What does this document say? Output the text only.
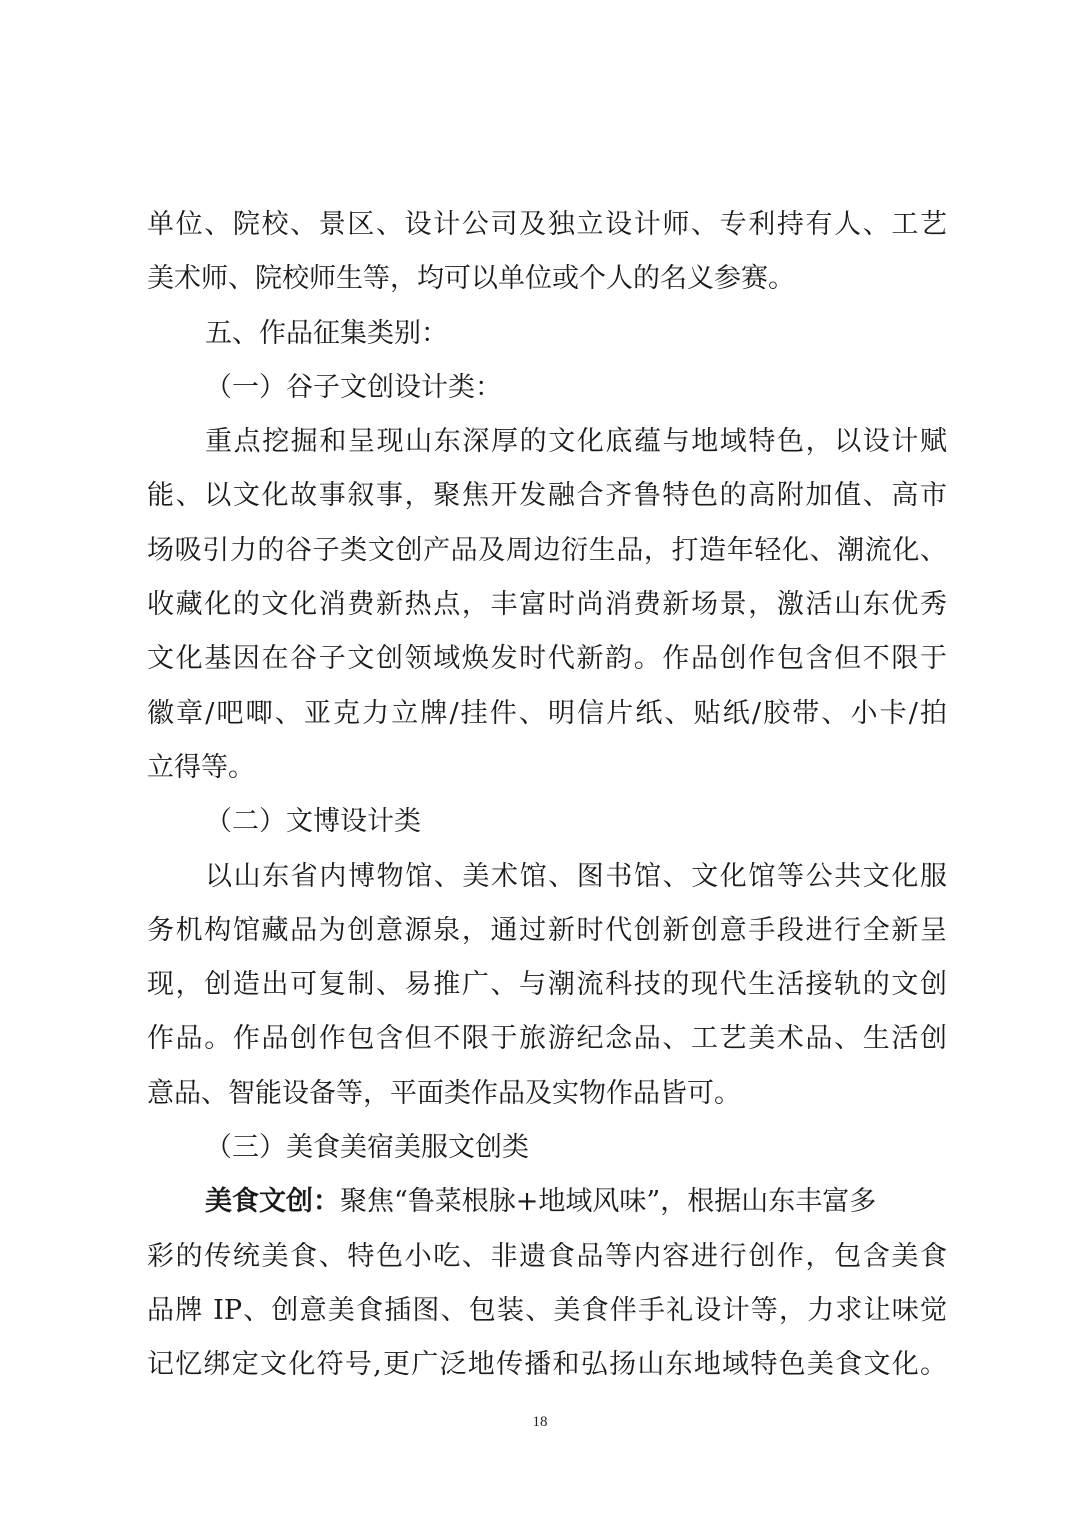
单位、院校、景区、设计公司及独立设计师、专利持有人、工艺
美术师、院校师生等，均可以单位或个人的名义参赛。
五、作品征集类别：
（一）谷子文创设计类：
重点挖掘和呈现山东深厚的文化底蕴与地域特色，以设计赋
能、以文化故事叙事，聚焦开发融合齐鲁特色的高附加值、高市
场吸引力的谷子类文创产品及周边衍生品，打造年轻化、潮流化、
收藏化的文化消费新热点，丰富时尚消费新场景，激活山东优秀
文化基因在谷子文创领域焕发时代新韵。作品创作包含但不限于
徽章/吧唧、亚克力立牌/挂件、明信片纸、贴纸/胶带、小卡/拍
立得等。
（二）文博设计类
以山东省内博物馆、美术馆、图书馆、文化馆等公共文化服
务机构馆藏品为创意源泉，通过新时代创新创意手段进行全新呈
现，创造出可复制、易推广、与潮流科技的现代生活接轨的文创
作品。作品创作包含但不限于旅游纪念品、工艺美术品、生活创
意品、智能设备等，平面类作品及实物作品皆可。
（三）美食美宿美服文创类
美食文创：聚焦“鲁菜根脉+地域风味”，根据山东丰富多
彩的传统美食、特色小吃、非遗食品等内容进行创作，包含美食
品牌 IP、创意美食插图、包装、美食伴手礼设计等，力求让味觉
记忆绑定文化符号,更广泛地传播和弘扬山东地域特色美食文化。
18
